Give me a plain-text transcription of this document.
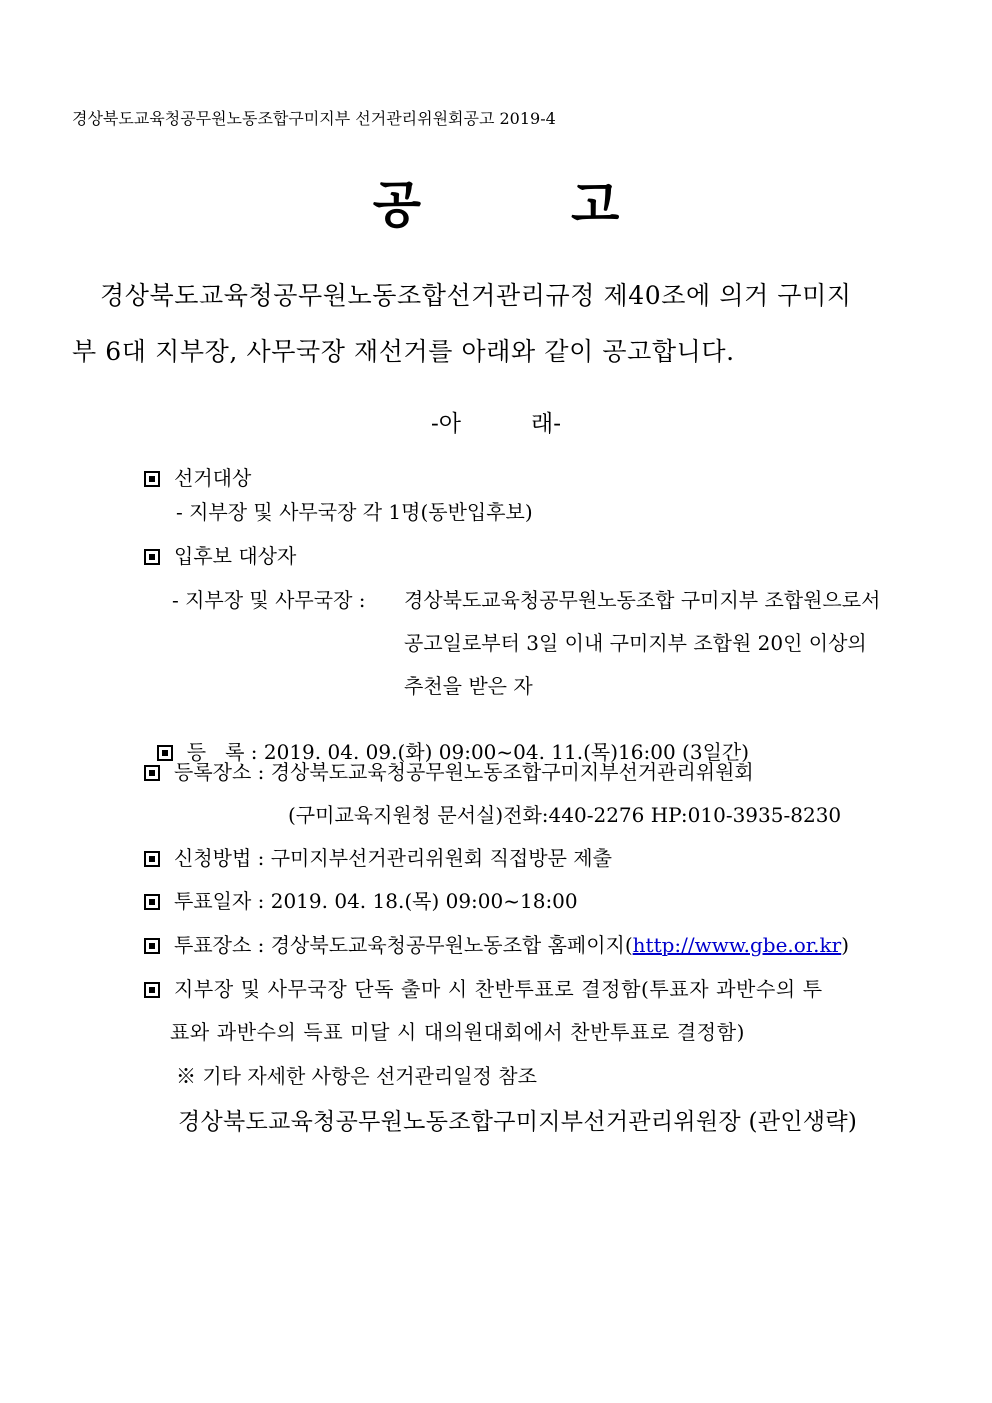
경상북도교육청공무원노동조합구미지부 선거관리위원회공고 2019-4
공	고
경상북도교육청공무원노동조합선거관리규정 제40조에 의거 구미지
부 6대 지부장, 사무국장 재선거를 아래와 같이 공고합니다.
-아	래-
선거대상
- 지부장 및 사무국장 각 1명(동반입후보)
입후보 대상자
- 지부장 및 사무국장 : 경상북도교육청공무원노동조합 구미지부 조합원으로서
공고일로부터 3일 이내 구미지부 조합원 20인 이상의
추천을 받은 자

등   록 : 2019. 04. 09.(화) 09:00~04. 11.(목)16:00 (3일간)

등록장소 : 경상북도교육청공무원노동조합구미지부선거관리위원회
(구미교육지원청 문서실)전화:440-2276 HP:010-3935-8230
신청방법 : 구미지부선거관리위원회 직접방문 제출
투표일자 : 2019. 04. 18.(목) 09:00~18:00
투표장소 : 경상북도교육청공무원노동조합 홈페이지(http://www.gbe.or.kr)
지부장 및 사무국장 단독 출마 시 찬반투표로 결정함(투표자 과반수의 투
표와 과반수의 득표 미달 시 대의원대회에서 찬반투표로 결정함)
※ 기타 자세한 사항은 선거관리일정 참조
경상북도교육청공무원노동조합구미지부선거관리위원장 (관인생략)
